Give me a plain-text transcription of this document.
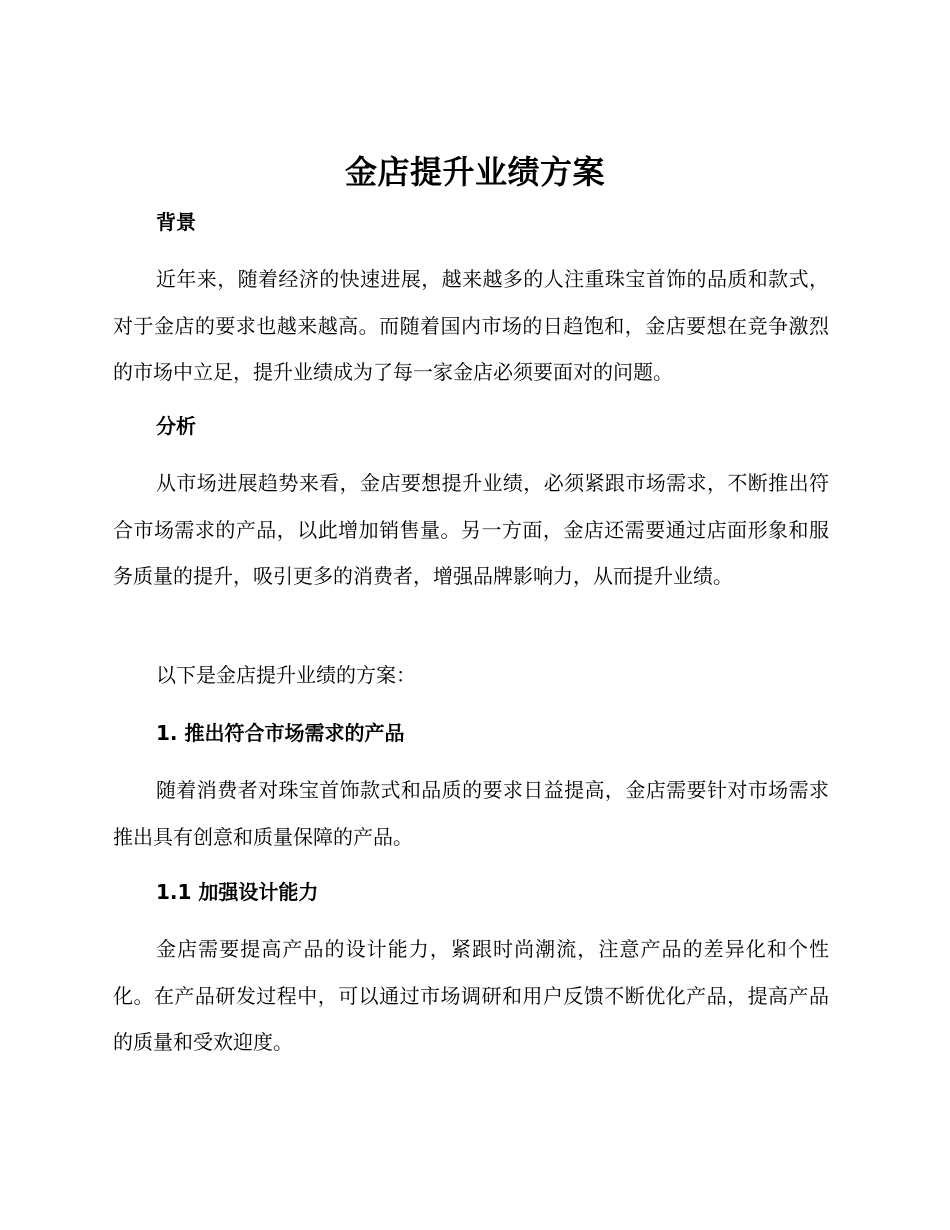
金店提升业绩方案
背景

近年来，随着经济的快速进展，越来越多的人注重珠宝首饰的品质和款式，对于金店的要求也越来越高。而随着国内市场的日趋饱和，金店要想在竞争激烈的市场中立足，提升业绩成为了每一家金店必须要面对的问题。

分析

从市场进展趋势来看，金店要想提升业绩，必须紧跟市场需求，不断推出符合市场需求的产品，以此增加销售量。另一方面，金店还需要通过店面形象和服务质量的提升，吸引更多的消费者，增强品牌影响力，从而提升业绩。

以下是金店提升业绩的方案：

1. 推出符合市场需求的产品

随着消费者对珠宝首饰款式和品质的要求日益提高，金店需要针对市场需求推出具有创意和质量保障的产品。

1.1 加强设计能力

金店需要提高产品的设计能力，紧跟时尚潮流，注意产品的差异化和个性化。在产品研发过程中，可以通过市场调研和用户反馈不断优化产品，提高产品的质量和受欢迎度。
